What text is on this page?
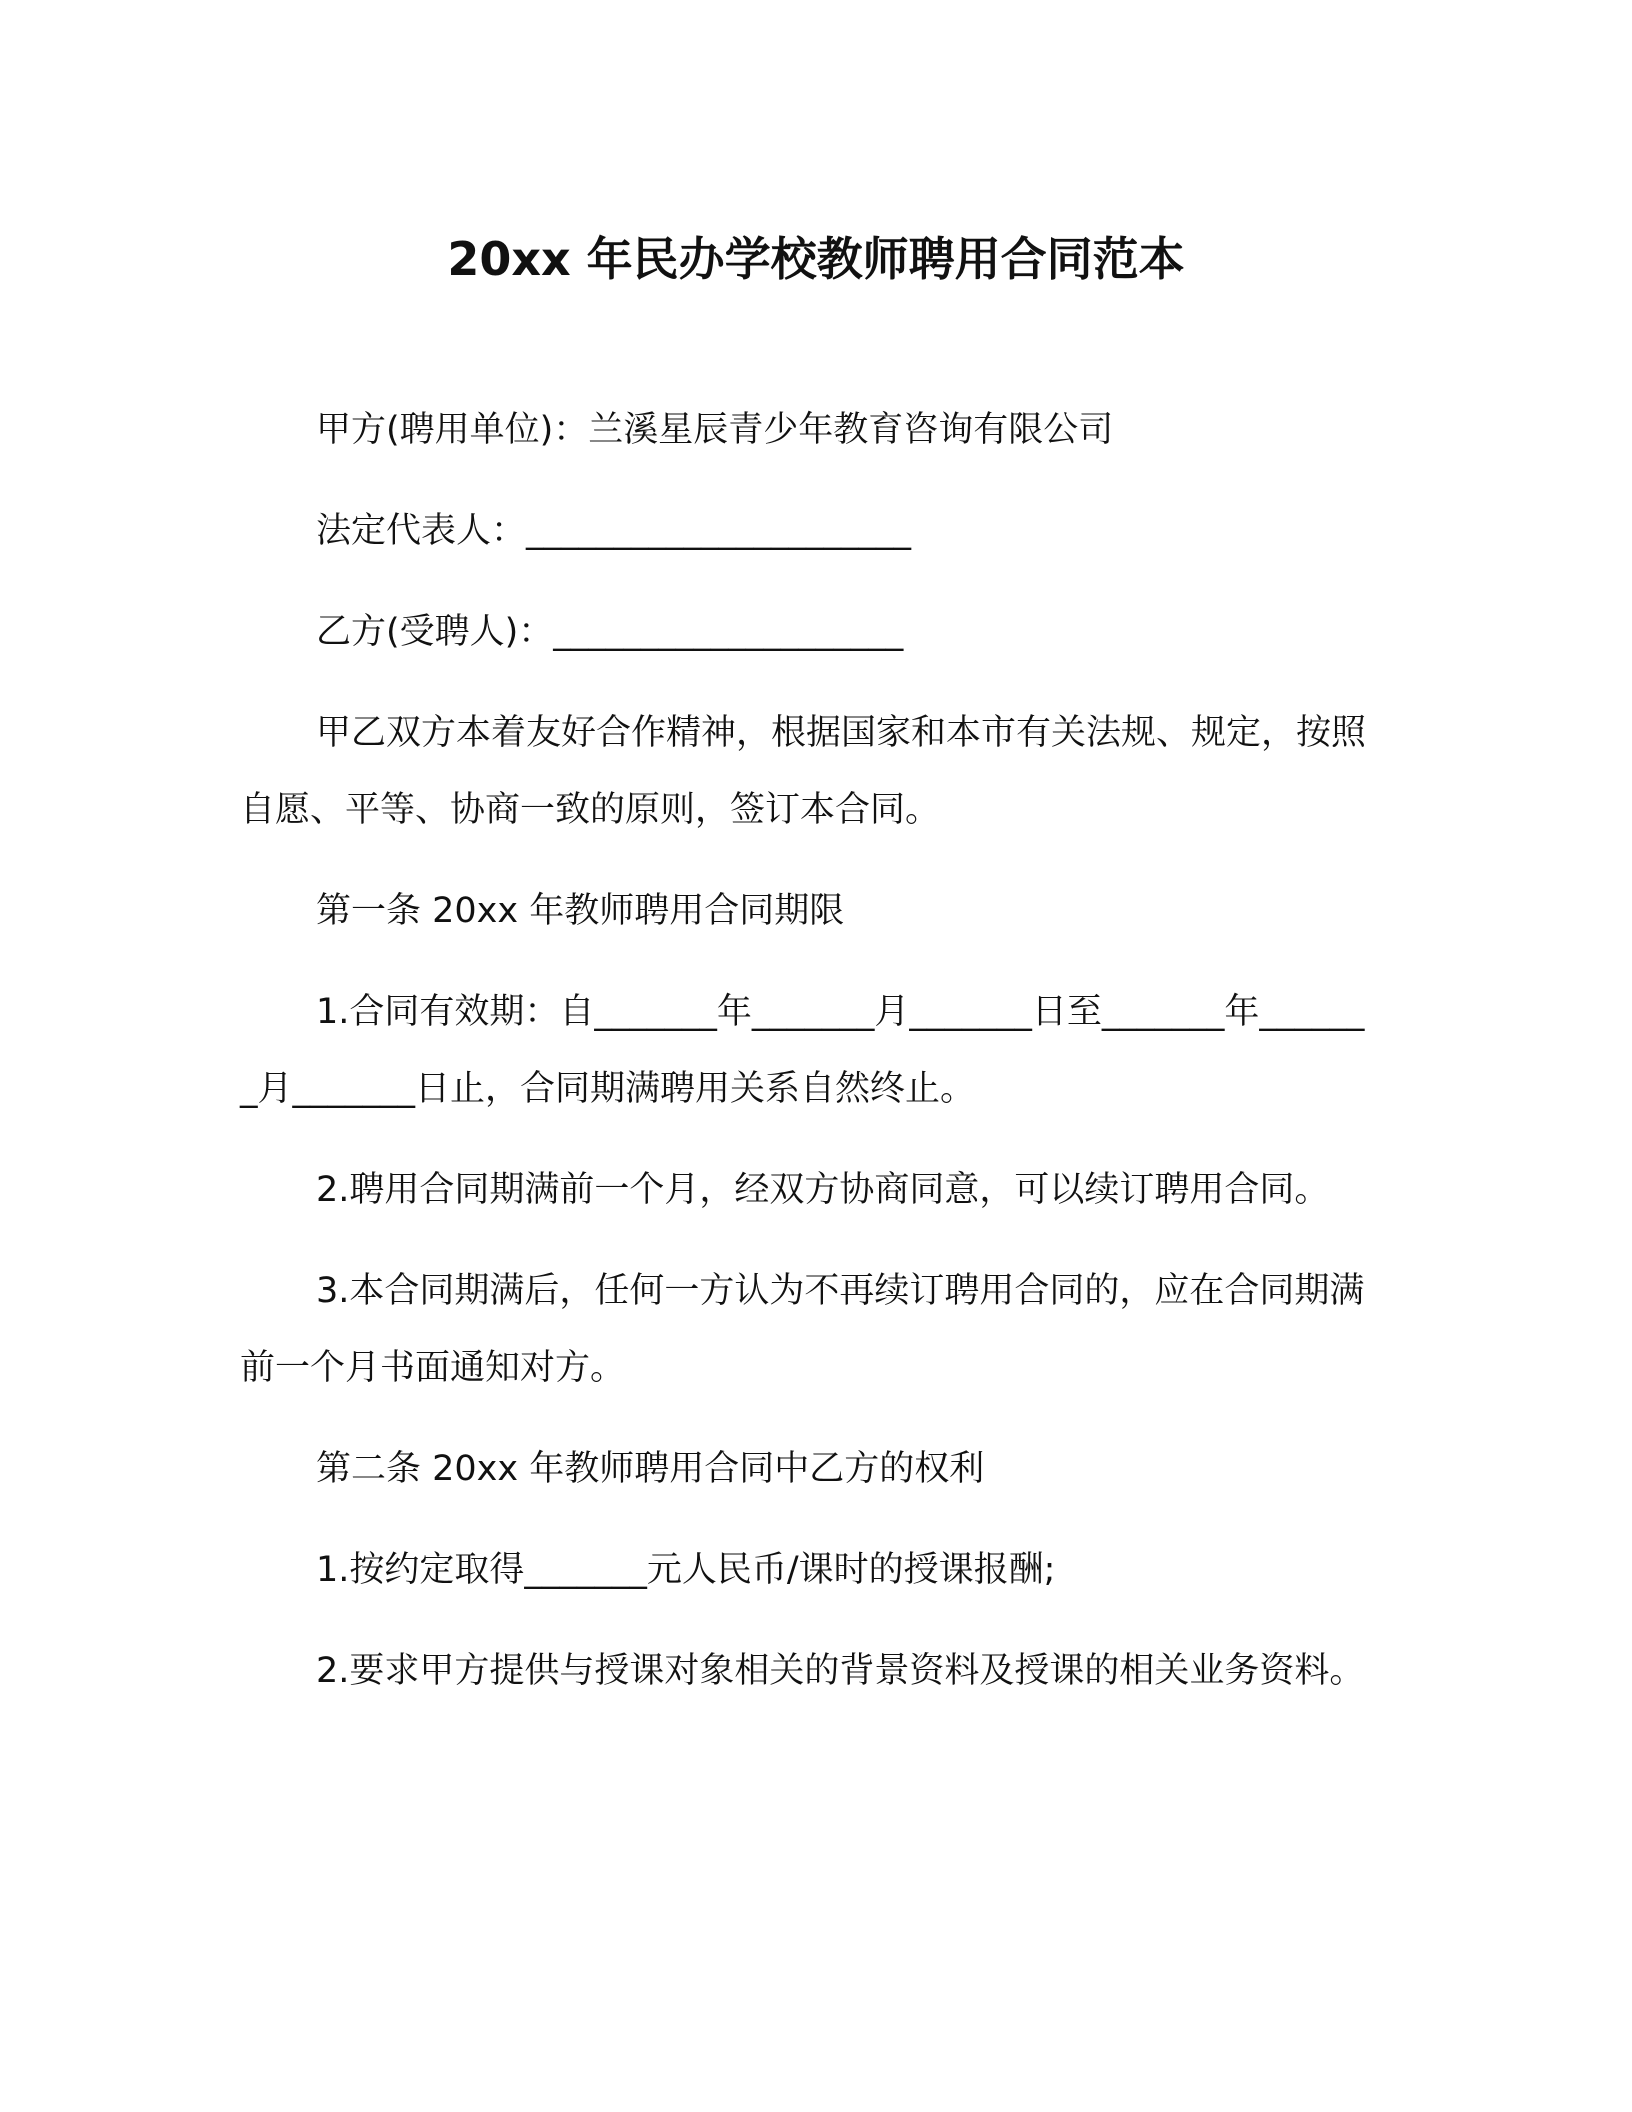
20xx 年民办学校教师聘用合同范本

甲方(聘用单位)：兰溪星辰青少年教育咨询有限公司

法定代表人：______________________

乙方(受聘人)：____________________

甲乙双方本着友好合作精神，根据国家和本市有关法规、规定，按照自愿、平等、协商一致的原则，签订本合同。

第一条 20xx 年教师聘用合同期限

1.合同有效期：自_______年_______月_______日至_______年_______月_______日止，合同期满聘用关系自然终止。

2.聘用合同期满前一个月，经双方协商同意，可以续订聘用合同。

3.本合同期满后，任何一方认为不再续订聘用合同的，应在合同期满前一个月书面通知对方。

第二条 20xx 年教师聘用合同中乙方的权利

1.按约定取得_______元人民币/课时的授课报酬;

2.要求甲方提供与授课对象相关的背景资料及授课的相关业务资料。
